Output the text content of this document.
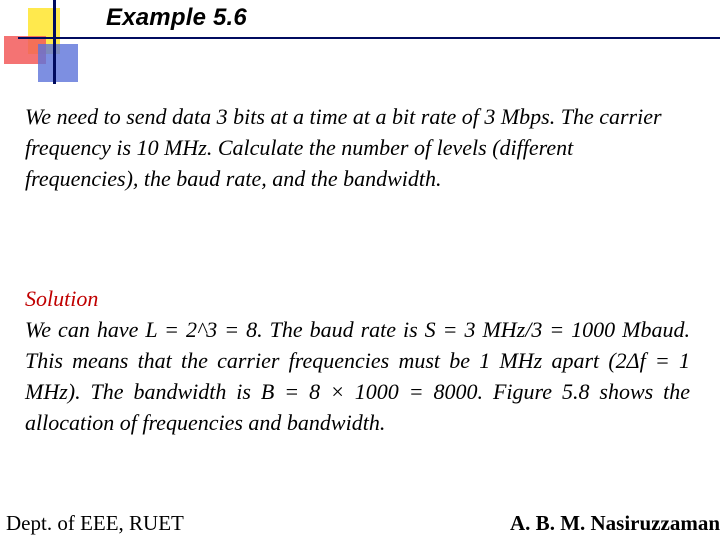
Example 5.6

We need to send data 3 bits at a time at a bit rate of 3 Mbps. The carrier frequency is 10 MHz. Calculate the number of levels (different frequencies), the baud rate, and the bandwidth.

Solution
We can have L = 2^3 = 8. The baud rate is S = 3 MHz/3 = 1000 Mbaud. This means that the carrier frequencies must be 1 MHz apart (2Δf = 1 MHz). The bandwidth is B = 8 × 1000 = 8000. Figure 5.8 shows the allocation of frequencies and bandwidth.
Dept. of EEE, RUET	A. B. M. Nasiruzzaman
